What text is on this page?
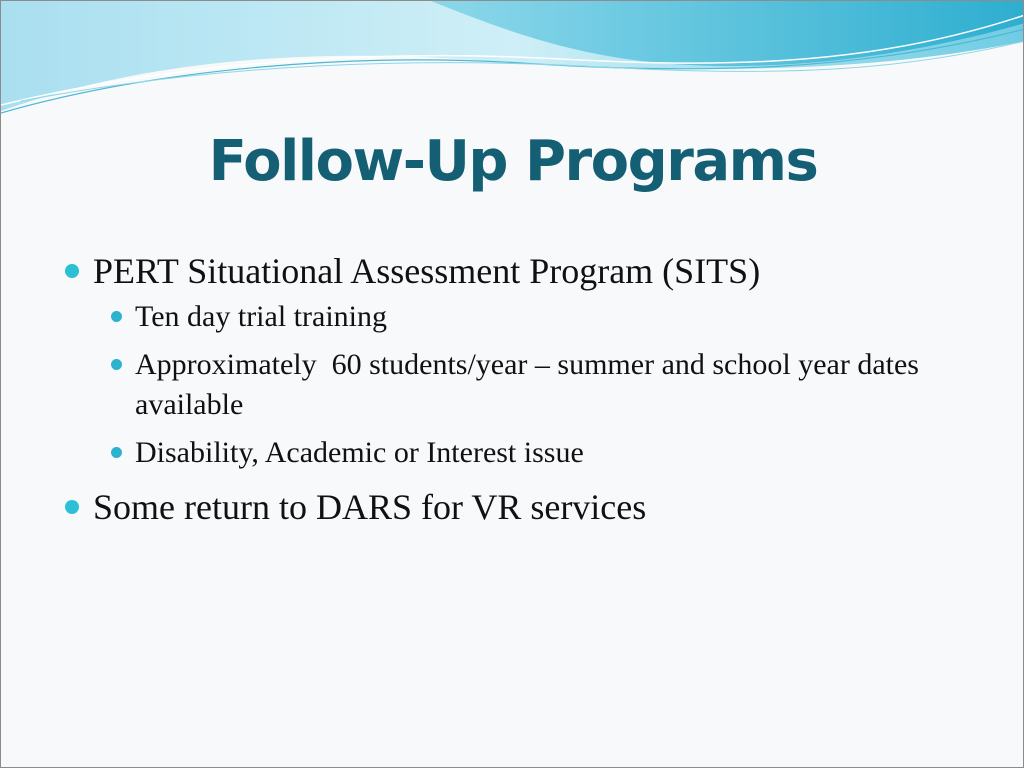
Follow-Up Programs
PERT Situational Assessment Program (SITS)
Ten day trial training
Approximately  60 students/year – summer and school year dates available
Disability, Academic or Interest issue
Some return to DARS for VR services
